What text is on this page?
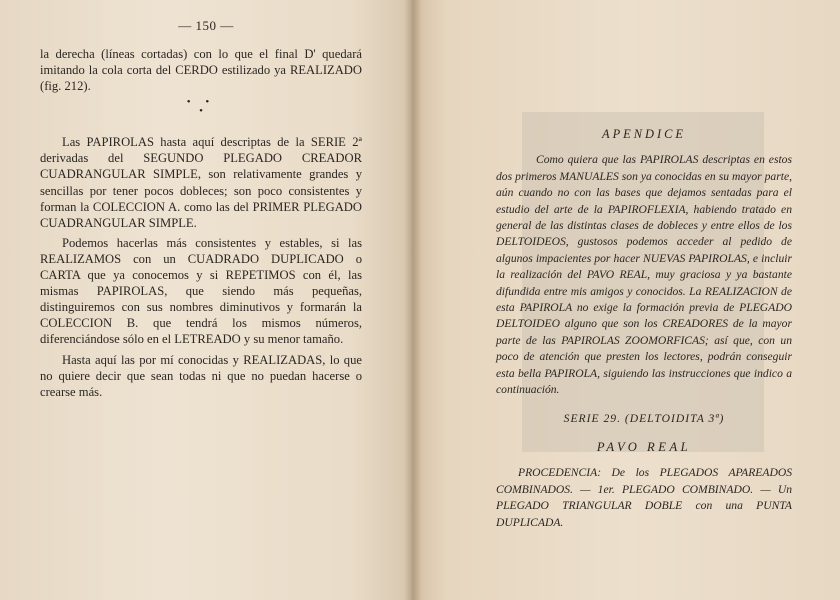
— 150 —

la derecha (líneas cortadas) con lo que el final D' quedará imitando la cola corta del CERDO estilizado ya REALIZADO (fig. 212).

• •
•

Las PAPIROLAS hasta aquí descriptas de la SERIE 2ª derivadas del SEGUNDO PLEGADO CREADOR CUADRANGULAR SIMPLE, son relativamente grandes y sencillas por tener pocos dobleces; son poco consistentes y forman la COLECCION A. como las del PRIMER PLEGADO CUADRANGULAR SIMPLE.

Podemos hacerlas más consistentes y estables, si las REALIZAMOS con un CUADRADO DUPLICADO o CARTA que ya conocemos y si REPETIMOS con él, las mismas PAPIROLAS, que siendo más pequeñas, distinguiremos con sus nombres diminutivos y formarán la COLECCION B. que tendrá los mismos números, diferenciándose sólo en el LETREADO y su menor tamaño.

Hasta aquí las por mí conocidas y REALIZADAS, lo que no quiere decir que sean todas ni que no puedan hacerse o crearse más.

APENDICE

Como quiera que las PAPIROLAS descriptas en estos dos primeros MANUALES son ya conocidas en su mayor parte, aún cuando no con las bases que dejamos sentadas para el estudio del arte de la PAPIROFLEXIA, habiendo tratado en general de las distintas clases de dobleces y entre ellos de los DELTOIDEOS, gustosos podemos acceder al pedido de algunos impacientes por hacer NUEVAS PAPIROLAS, e incluir la realización del PAVO REAL, muy graciosa y ya bastante difundida entre mis amigos y conocidos. La REALIZACION de esta PAPIROLA no exige la formación previa de PLEGADO DELTOIDEO alguno que son los CREADORES de la mayor parte de las PAPIROLAS ZOOMORFICAS; así que, con un poco de atención que presten los lectores, podrán conseguir esta bella PAPIROLA, siguiendo las instrucciones que indico a continuación.

SERIE 29. (DELTOIDITA 3ª)
PAVO REAL

PROCEDENCIA: De los PLEGADOS APAREADOS COMBINADOS. — 1er. PLEGADO COMBINADO. — Un PLEGADO TRIANGULAR DOBLE con una PUNTA DUPLICADA.
